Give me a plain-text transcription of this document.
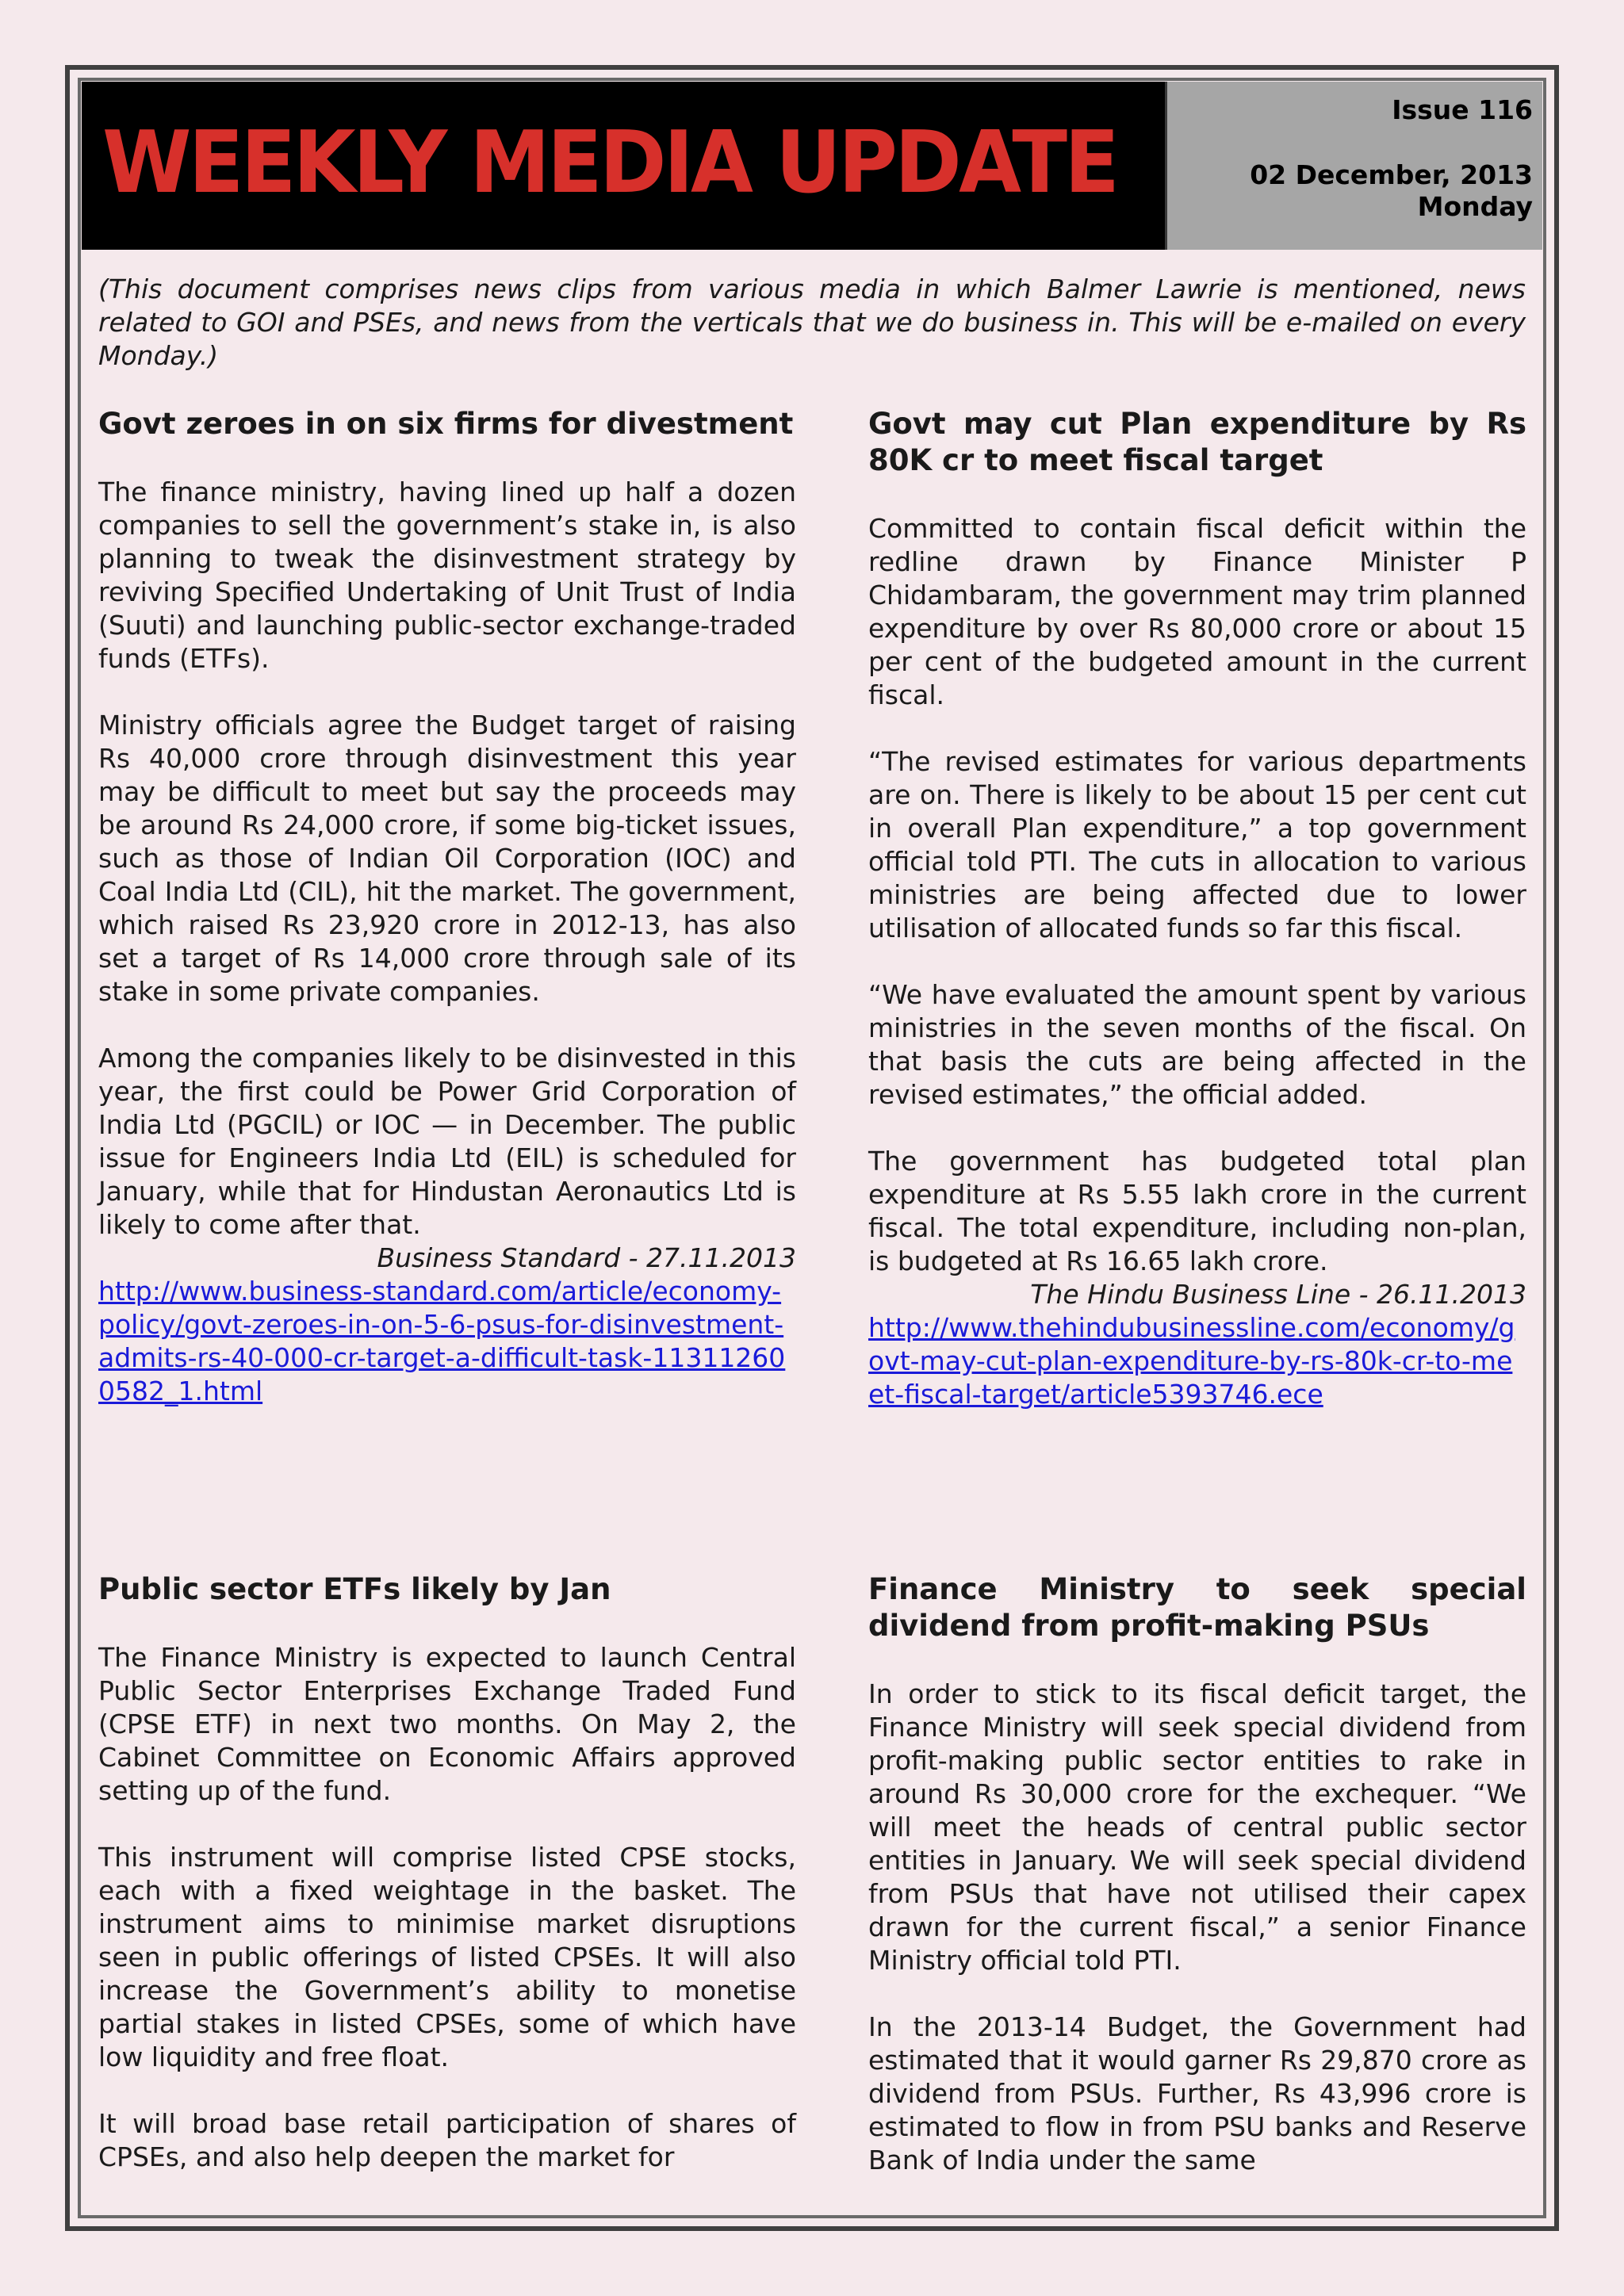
WEEKLY MEDIA UPDATE
Issue 116
02 December, 2013
Monday
(This document comprises news clips from various media in which Balmer Lawrie is mentioned, news related to GOI and PSEs, and news from the verticals that we do business in. This will be e-mailed on every Monday.)
Govt zeroes in on six firms for divestment

The finance ministry, having lined up half a dozen companies to sell the government’s stake in, is also planning to tweak the disinvestment strategy by reviving Specified Undertaking of Unit Trust of India (Suuti) and launching public-sector exchange-traded funds (ETFs).

Ministry officials agree the Budget target of raising Rs 40,000 crore through disinvestment this year may be difficult to meet but say the proceeds may be around Rs 24,000 crore, if some big-ticket issues, such as those of Indian Oil Corporation (IOC) and Coal India Ltd (CIL), hit the market. The government, which raised Rs 23,920 crore in 2012-13, has also set a target of Rs 14,000 crore through sale of its stake in some private companies.

Among the companies likely to be disinvested in this year, the first could be Power Grid Corporation of India Ltd (PGCIL) or IOC — in December. The public issue for Engineers India Ltd (EIL) is scheduled for January, while that for Hindustan Aeronautics Ltd is likely to come after that.

Business Standard - 27.11.2013
http://www.business-standard.com/article/economy-policy/govt-zeroes-in-on-5-6-psus-for-disinvestment-admits-rs-40-000-cr-target-a-difficult-task-113112600582_1.html
Govt may cut Plan expenditure by Rs 80K cr to meet fiscal target

Committed to contain fiscal deficit within the redline drawn by Finance Minister P Chidambaram, the government may trim planned expenditure by over Rs 80,000 crore or about 15 per cent of the budgeted amount in the current fiscal.

“The revised estimates for various departments are on. There is likely to be about 15 per cent cut in overall Plan expenditure,” a top government official told PTI. The cuts in allocation to various ministries are being affected due to lower utilisation of allocated funds so far this fiscal.

“We have evaluated the amount spent by various ministries in the seven months of the fiscal. On that basis the cuts are being affected in the revised estimates,” the official added.

The government has budgeted total plan expenditure at Rs 5.55 lakh crore in the current fiscal. The total expenditure, including non-plan, is budgeted at Rs 16.65 lakh crore.

The Hindu Business Line - 26.11.2013
http://www.thehindubusinessline.com/economy/govt-may-cut-plan-expenditure-by-rs-80k-cr-to-meet-fiscal-target/article5393746.ece
Public sector ETFs likely by Jan

The Finance Ministry is expected to launch Central Public Sector Enterprises Exchange Traded Fund (CPSE ETF) in next two months. On May 2, the Cabinet Committee on Economic Affairs approved setting up of the fund.

This instrument will comprise listed CPSE stocks, each with a fixed weightage in the basket. The instrument aims to minimise market disruptions seen in public offerings of listed CPSEs. It will also increase the Government’s ability to monetise partial stakes in listed CPSEs, some of which have low liquidity and free float.

It will broad base retail participation of shares of CPSEs, and also help deepen the market for

Finance Ministry to seek special dividend from profit-making PSUs

In order to stick to its fiscal deficit target, the Finance Ministry will seek special dividend from profit-making public sector entities to rake in around Rs 30,000 crore for the exchequer. “We will meet the heads of central public sector entities in January. We will seek special dividend from PSUs that have not utilised their capex drawn for the current fiscal,” a senior Finance Ministry official told PTI.

In the 2013-14 Budget, the Government had estimated that it would garner Rs 29,870 crore as dividend from PSUs. Further, Rs 43,996 crore is estimated to flow in from PSU banks and Reserve Bank of India under the same
